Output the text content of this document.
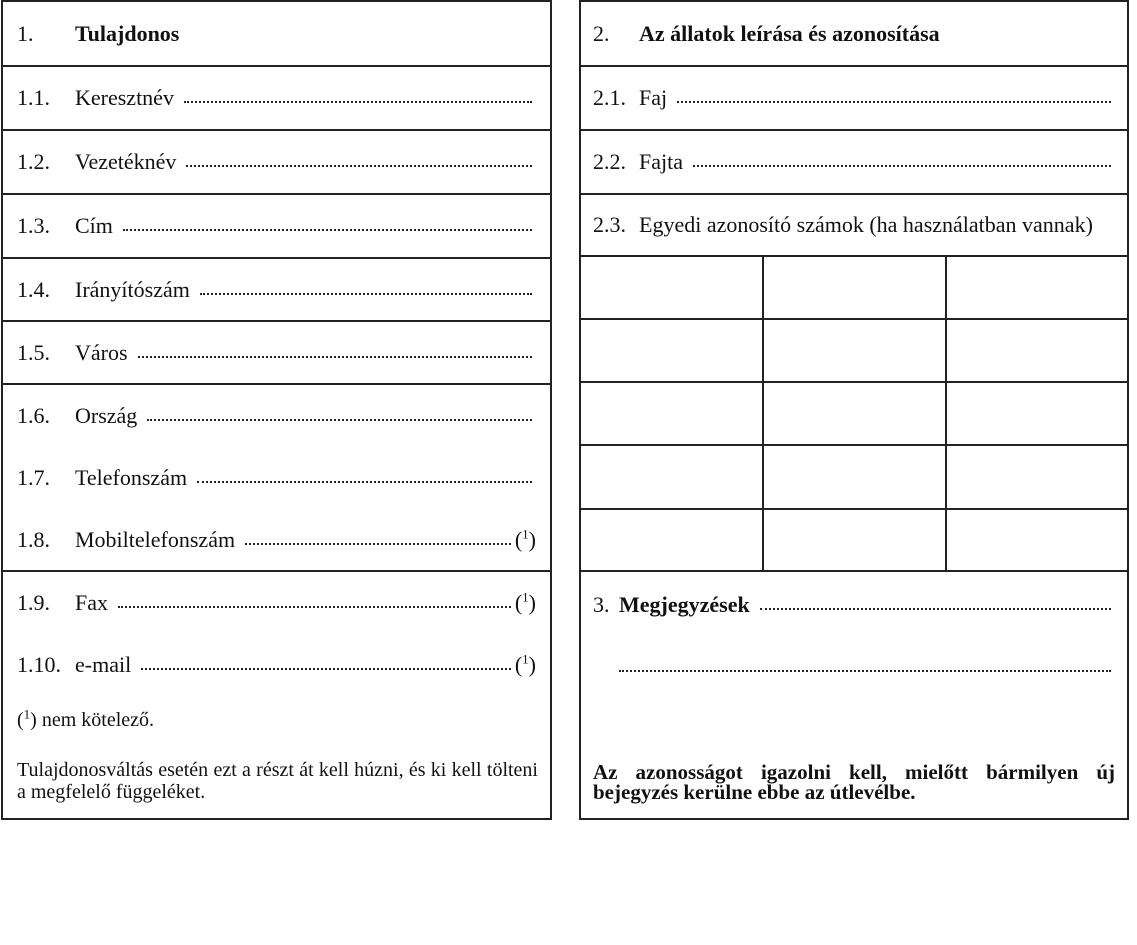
1.	Tulajdonos
1.1.	Keresztnév
1.2.	Vezetéknév
1.3.	Cím
1.4.	Irányítószám
1.5.	Város
1.6.	Ország
1.7.	Telefonszám
1.8.	Mobiltelefonszám	($^1$)
1.9.	Fax	($^1$)
1.10. e-mail	($^1$)
($^1$) nem kötelező.
Tulajdonosváltás esetén ezt a részt át kell húzni, és ki kell tölteni a megfelelő függeléket.
2.	Az állatok leírása és azonosítása
2.1. Faj
2.2. Fajta
2.3. Egyedi azonosító számok (ha használatban vannak)
3. Megjegyzések
Az azonosságot igazolni kell, mielőtt bármilyen új bejegyzés kerülne ebbe az útlevélbe.
